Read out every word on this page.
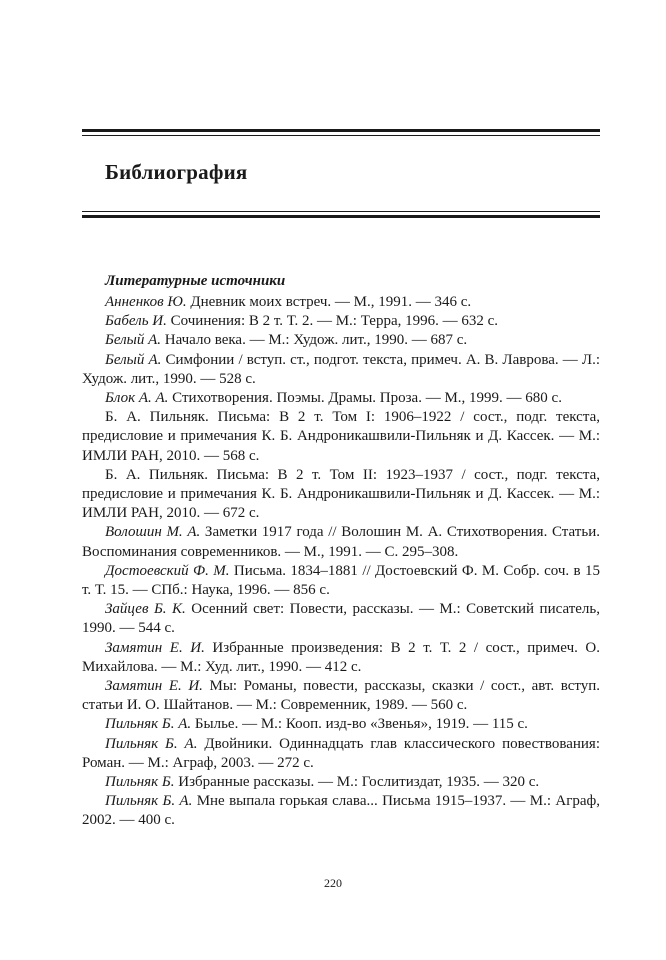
Библиография
Литературные источники

Анненков Ю. Дневник моих встреч. — М., 1991. — 346 с.

Бабель И. Сочинения: В 2 т. Т. 2. — М.: Терра, 1996. — 632 с.

Белый А. Начало века. — М.: Худож. лит., 1990. — 687 с.

Белый А. Симфонии / вступ. ст., подгот. текста, примеч. А. В. Лаврова. — Л.: Худож. лит., 1990. — 528 с.

Блок А. А. Стихотворения. Поэмы. Драмы. Проза. — М., 1999. — 680 с.

Б. А. Пильняк. Письма: В 2 т. Том I: 1906–1922 / сост., подг. текста, предисловие и примечания К. Б. Андроникашвили-Пильняк и Д. Кассек. — М.: ИМЛИ РАН, 2010. — 568 с.

Б. А. Пильняк. Письма: В 2 т. Том II: 1923–1937 / сост., подг. текста, предисловие и примечания К. Б. Андроникашвили-Пильняк и Д. Кассек. — М.: ИМЛИ РАН, 2010. — 672 с.

Волошин М. А. Заметки 1917 года // Волошин М. А. Стихотворения. Статьи. Воспоминания современников. — М., 1991. — С. 295–308.

Достоевский Ф. М. Письма. 1834–1881 // Достоевский Ф. М. Собр. соч. в 15 т. Т. 15. — СПб.: Наука, 1996. — 856 с.

Зайцев Б. К. Осенний свет: Повести, рассказы. — М.: Советский писатель, 1990. — 544 с.

Замятин Е. И. Избранные произведения: В 2 т. Т. 2 / сост., примеч. О. Михайлова. — М.: Худ. лит., 1990. — 412 с.

Замятин Е. И. Мы: Романы, повести, рассказы, сказки / сост., авт. вступ. статьи И. О. Шайтанов. — М.: Современник, 1989. — 560 с.

Пильняк Б. А. Былье. — М.: Кооп. изд-во «Звенья», 1919. — 115 с.

Пильняк Б. А. Двойники. Одиннадцать глав классического повествования: Роман. — М.: Аграф, 2003. — 272 с.

Пильняк Б. Избранные рассказы. — М.: Гослитиздат, 1935. — 320 с.

Пильняк Б. А. Мне выпала горькая слава... Письма 1915–1937. — М.: Аграф, 2002. — 400 с.

220
